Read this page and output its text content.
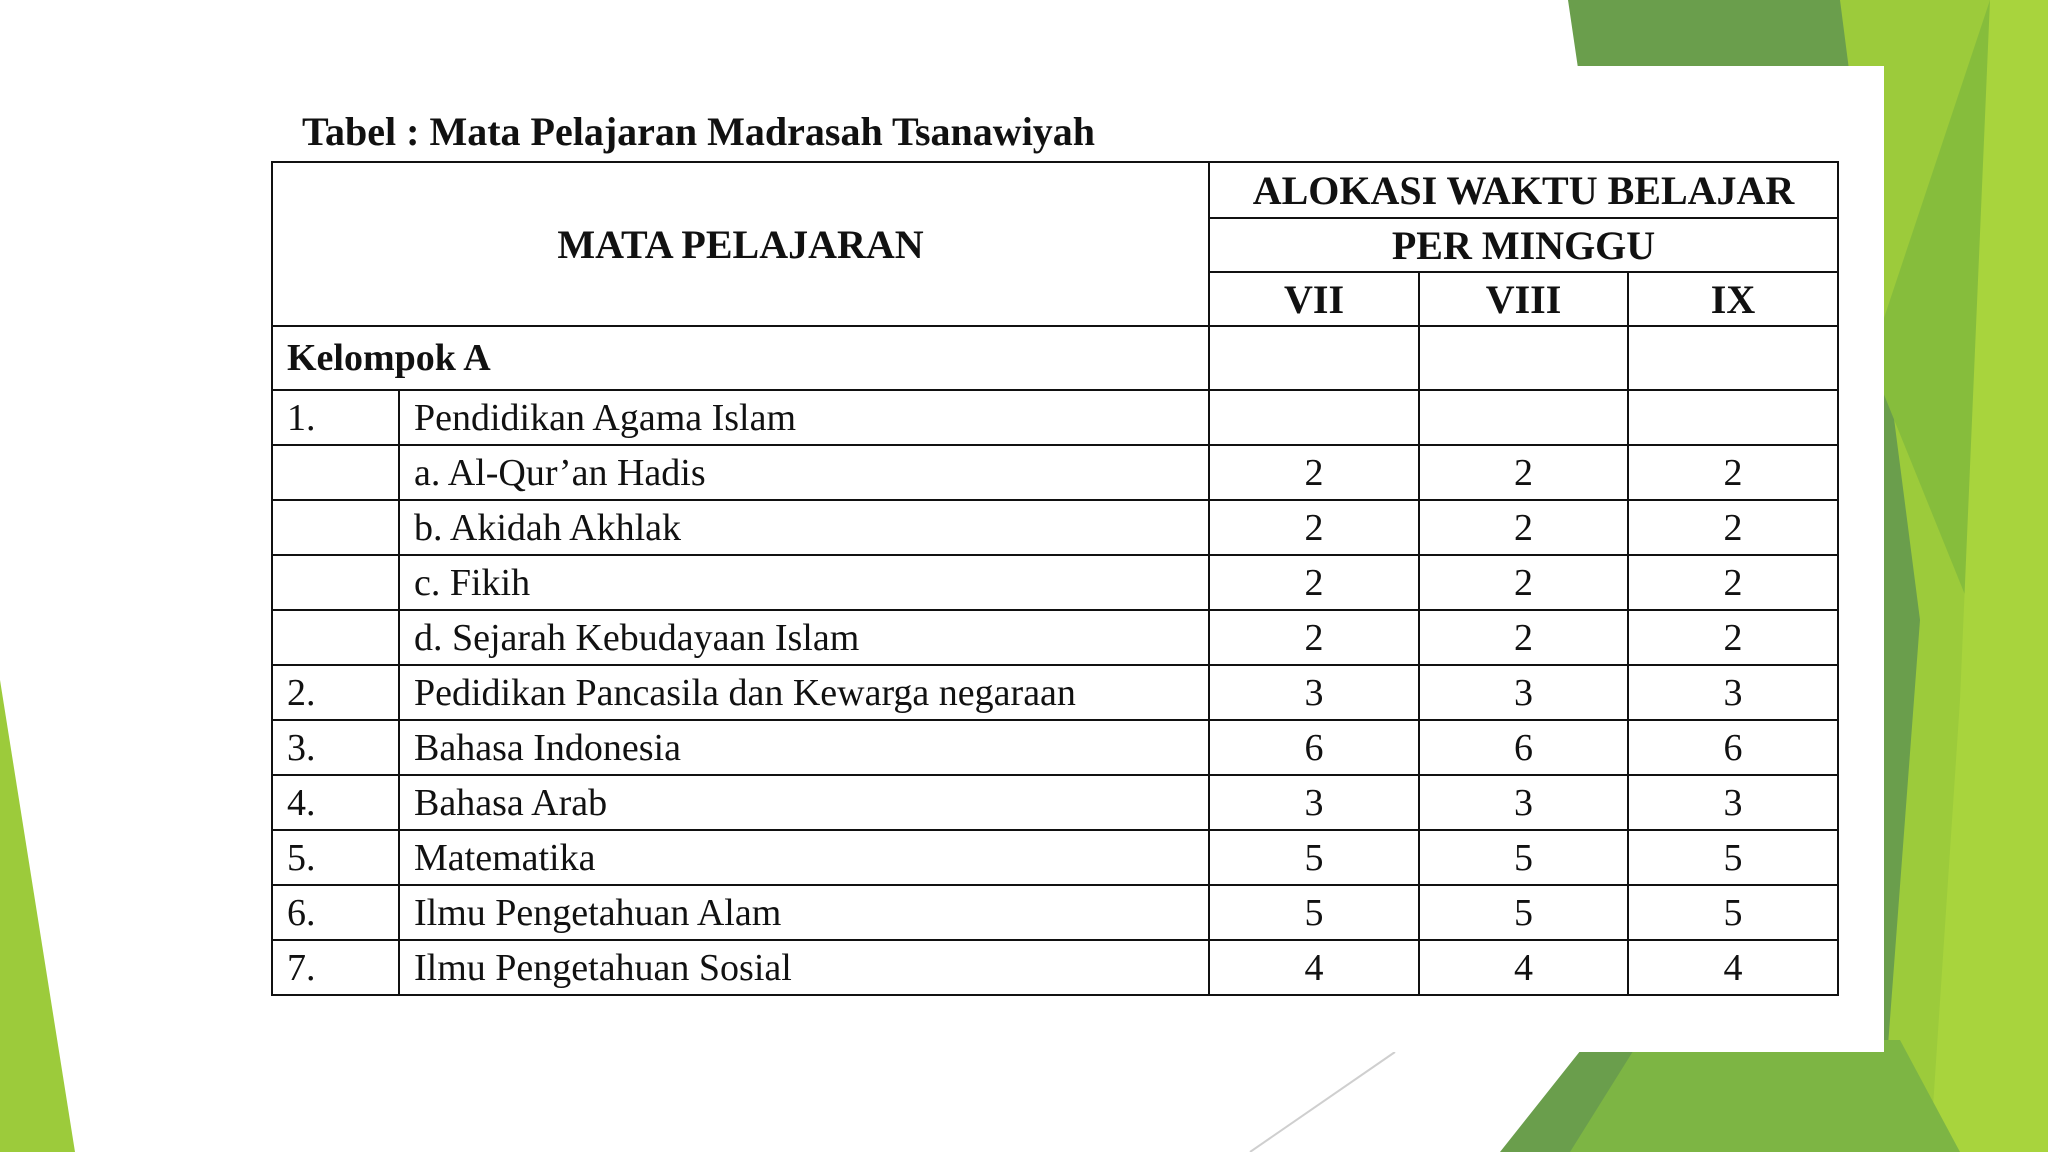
Tabel : Mata Pelajaran Madrasah Tsanawiyah
MATA PELAJARAN		ALOKASI WAKTU BELAJAR		
		PER MINGGU		
		VII	VIII	IX
Kelompok A				
1.	Pendidikan Agama Islam			
	a. Al-Qur’an Hadis	2	2	2
	b. Akidah Akhlak	2	2	2
	c. Fikih	2	2	2
	d. Sejarah Kebudayaan Islam	2	2	2
2.	Pedidikan Pancasila dan Kewarga negaraan	3	3	3
3.	Bahasa Indonesia	6	6	6
4.	Bahasa Arab	3	3	3
5.	Matematika	5	5	5
6.	Ilmu Pengetahuan Alam	5	5	5
7.	Ilmu Pengetahuan Sosial	4	4	4
